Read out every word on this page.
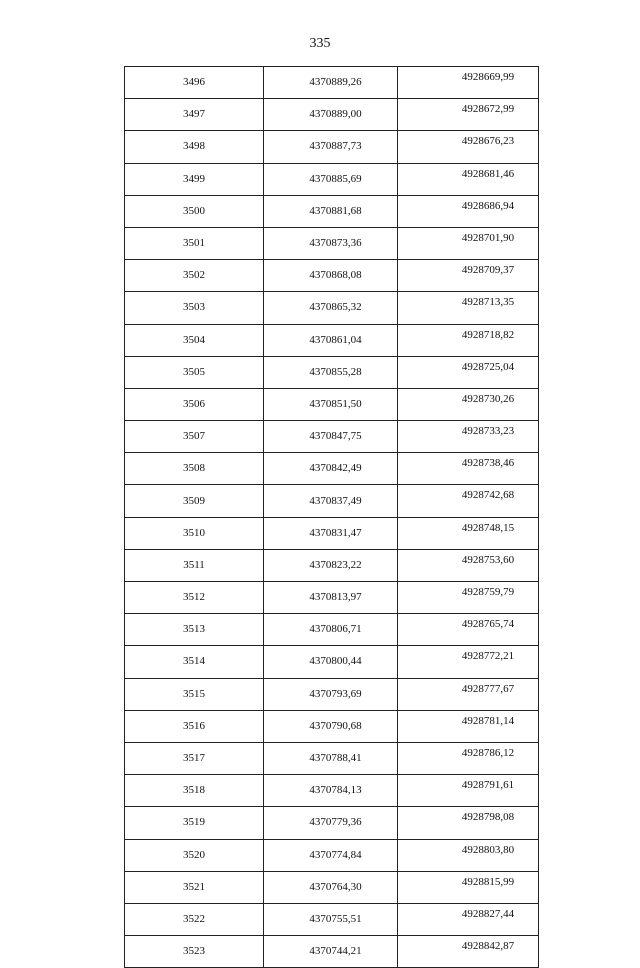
335
3496	4370889,26	4928669,99
3497	4370889,00	4928672,99
3498	4370887,73	4928676,23
3499	4370885,69	4928681,46
3500	4370881,68	4928686,94
3501	4370873,36	4928701,90
3502	4370868,08	4928709,37
3503	4370865,32	4928713,35
3504	4370861,04	4928718,82
3505	4370855,28	4928725,04
3506	4370851,50	4928730,26
3507	4370847,75	4928733,23
3508	4370842,49	4928738,46
3509	4370837,49	4928742,68
3510	4370831,47	4928748,15
3511	4370823,22	4928753,60
3512	4370813,97	4928759,79
3513	4370806,71	4928765,74
3514	4370800,44	4928772,21
3515	4370793,69	4928777,67
3516	4370790,68	4928781,14
3517	4370788,41	4928786,12
3518	4370784,13	4928791,61
3519	4370779,36	4928798,08
3520	4370774,84	4928803,80
3521	4370764,30	4928815,99
3522	4370755,51	4928827,44
3523	4370744,21	4928842,87
